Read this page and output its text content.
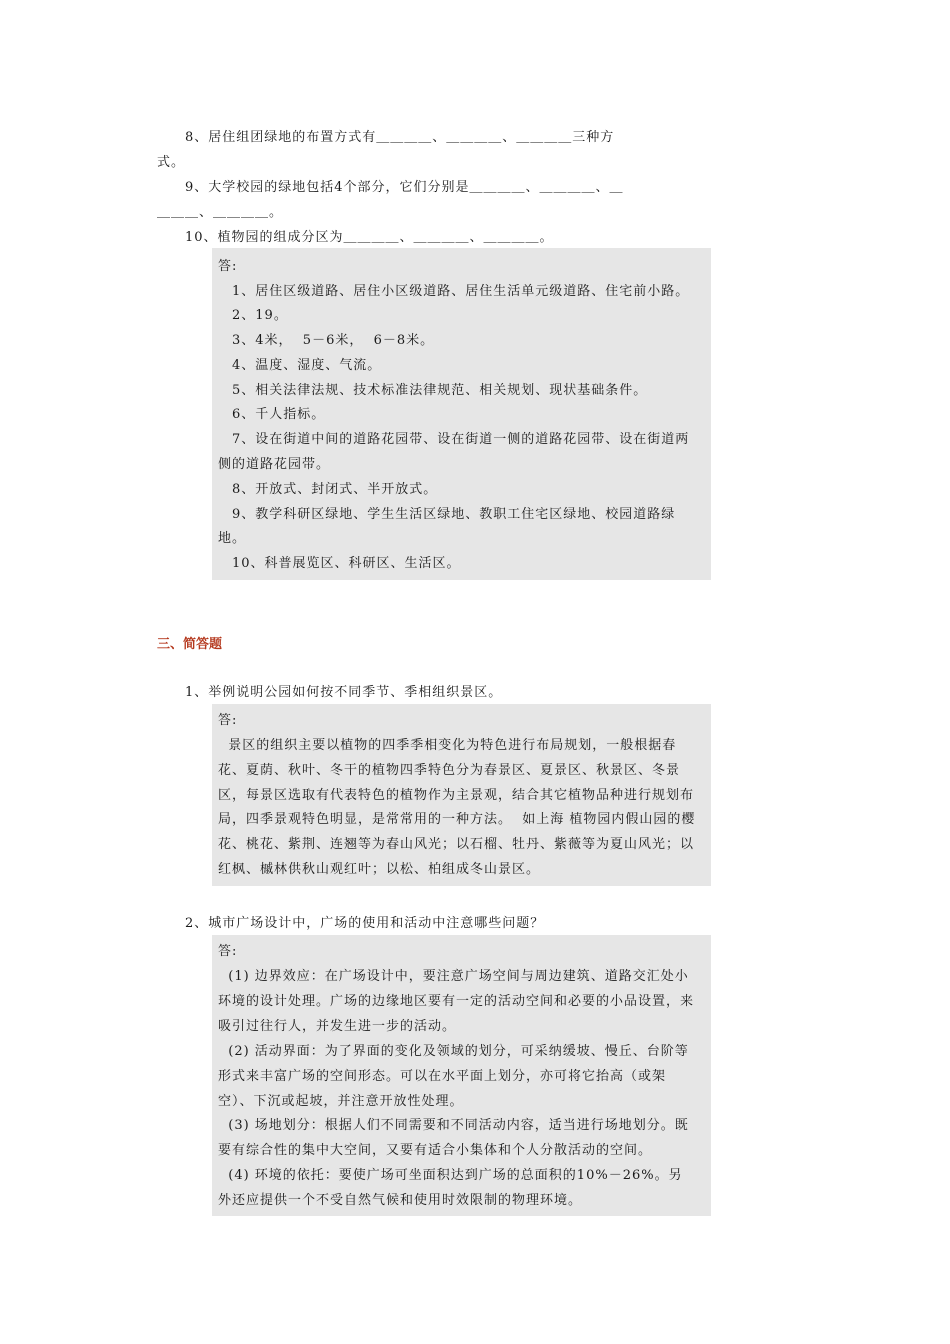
8、居住组团绿地的布置方式有＿＿＿＿、＿＿＿＿、＿＿＿＿三种方
式。
9、大学校园的绿地包括4个部分，它们分别是＿＿＿＿、＿＿＿＿、＿
＿＿＿、＿＿＿＿。
10、植物园的组成分区为＿＿＿＿、＿＿＿＿、＿＿＿＿。
答:
1、居住区级道路、居住小区级道路、居住生活单元级道路、住宅前小路。
2、19。
3、4米，  5－6米，  6－8米。
4、温度、湿度、气流。
5、相关法律法规、技术标准法律规范、相关规划、现状基础条件。
6、千人指标。
7、设在街道中间的道路花园带、设在街道一侧的道路花园带、设在街道两
侧的道路花园带。
8、开放式、封闭式、半开放式。
9、教学科研区绿地、学生生活区绿地、教职工住宅区绿地、校园道路绿
地。
10、科普展览区、科研区、生活区。
三、简答题
1、举例说明公园如何按不同季节、季相组织景区。
答:
景区的组织主要以植物的四季季相变化为特色进行布局规划，一般根据春
花、夏荫、秋叶、冬干的植物四季特色分为春景区、夏景区、秋景区、冬景
区，每景区选取有代表特色的植物作为主景观，结合其它植物品种进行规划布
局，四季景观特色明显，是常常用的一种方法。  如上海 植物园内假山园的樱
花、桃花、紫荆、连翘等为春山风光；以石榴、牡丹、紫薇等为夏山风光；以
红枫、槭林供秋山观红叶；以松、柏组成冬山景区。
2、城市广场设计中，广场的使用和活动中注意哪些问题？
答:
(1) 边界效应：在广场设计中，要注意广场空间与周边建筑、道路交汇处小
环境的设计处理。广场的边缘地区要有一定的活动空间和必要的小品设置，来
吸引过往行人，并发生进一步的活动。
(2) 活动界面：为了界面的变化及领域的划分，可采纳缓坡、慢丘、台阶等
形式来丰富广场的空间形态。可以在水平面上划分，亦可将它抬高（或架
空）、下沉或起坡，并注意开放性处理。
(3) 场地划分：根据人们不同需要和不同活动内容，适当进行场地划分。既
要有综合性的集中大空间，又要有适合小集体和个人分散活动的空间。
(4) 环境的依托：要使广场可坐面积达到广场的总面积的10%－26%。另
外还应提供一个不受自然气候和使用时效限制的物理环境。
